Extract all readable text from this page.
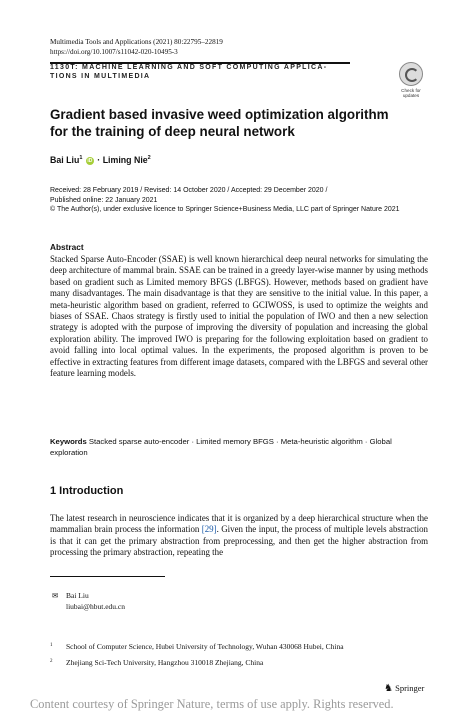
Multimedia Tools and Applications (2021) 80:22795–22819
https://doi.org/10.1007/s11042-020-10495-3
1130T: MACHINE LEARNING AND SOFT COMPUTING APPLICA-
TIONS IN MULTIMEDIA
Check for
updates
Gradient based invasive weed optimization algorithm
for the training of deep neural network
Bai Liu$^1$ iD · Liming Nie$^2$
Received: 28 February 2019 / Revised: 14 October 2020 / Accepted: 29 December 2020 /
Published online: 22 January 2021
© The Author(s), under exclusive licence to Springer Science+Business Media, LLC part of Springer Nature 2021
Abstract
Stacked Sparse Auto-Encoder (SSAE) is well known hierarchical deep neural networks for simulating the deep architecture of mammal brain. SSAE can be trained in a greedy layer-wise manner by using methods based on gradient such as Limited memory BFGS (LBFGS). However, methods based on gradient have many disadvantages. The main disadvantage is that they are sensitive to the initial value. In this paper, a meta-heuristic algorithm based on gradient, referred to GCIWOSS, is used to optimize the weights and biases of SSAE. Chaos strategy is firstly used to initial the population of IWO and then a new selection strategy is adopted with the purpose of improving the diversity of population and increasing the global exploration ability. The improved IWO is preparing for the following exploitation based on gradient to avoid falling into local optimal values. In the experiments, the proposed algorithm is proven to be effective in extracting features from different image datasets, compared with the LBFGS and several other feature learning models.
Keywords Stacked sparse auto-encoder · Limited memory BFGS · Meta-heuristic algorithm · Global exploration
1 Introduction
The latest research in neuroscience indicates that it is organized by a deep hierarchical structure when the mammalian brain process the information [29]. Given the input, the process of multiple levels abstraction is that it can get the primary abstraction from preprocessing, and then get the higher abstraction from processing the primary abstraction, repeating the
✉ Bai Liu
liubai@hbut.edu.cn
$^1$ School of Computer Science, Hubei University of Technology, Wuhan 430068 Hubei, China
$^2$ Zhejiang Sci-Tech University, Hangzhou 310018 Zhejiang, China
♞ Springer
Content courtesy of Springer Nature, terms of use apply. Rights reserved.
